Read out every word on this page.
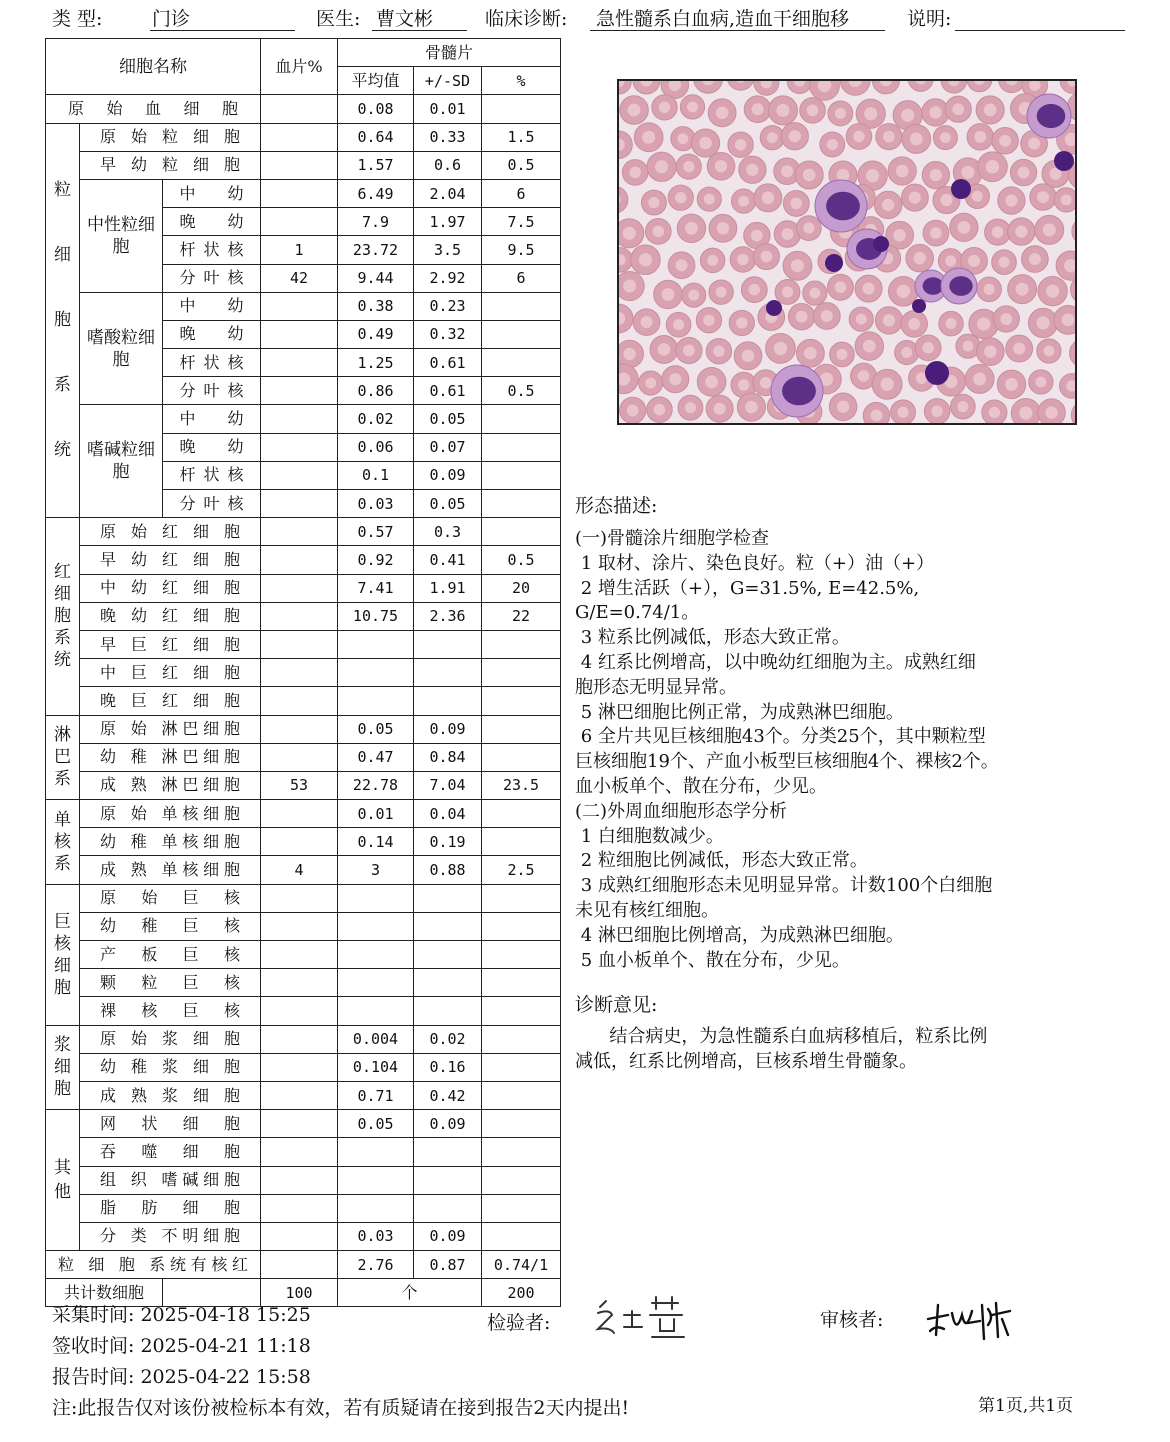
类 型:	门诊	医生: 曹文彬	临床诊断: 急性髓系白血病,造血干细胞移	说明:
细胞名称			血片%	骨髓片		
				平均值	+/-SD	%
原 始 血 细 胞				0.08	0.01	
粒细胞系统	原 始 粒 细 胞			0.64	0.33	1.5
	早 幼 粒 细 胞			1.57	0.6	0.5
	中性粒细胞	中 幼		6.49	2.04	6
		晚 幼		7.9	1.97	7.5
		杆状核	1	23.72	3.5	9.5
		分叶核	42	9.44	2.92	6
	嗜酸粒细胞	中 幼		0.38	0.23	
		晚 幼		0.49	0.32	
		杆状核		1.25	0.61	
		分叶核		0.86	0.61	0.5
	嗜碱粒细胞	中 幼		0.02	0.05	
		晚 幼		0.06	0.07	
		杆状核		0.1	0.09	
		分叶核		0.03	0.05	
红细胞系统	原 始 红 细 胞			0.57	0.3	
	早 幼 红 细 胞			0.92	0.41	0.5
	中 幼 红 细 胞			7.41	1.91	20
	晚 幼 红 细 胞			10.75	2.36	22
	早 巨 红 细 胞					
	中 巨 红 细 胞					
	晚 巨 红 细 胞					
淋巴系	原 始 淋巴细胞			0.05	0.09	
	幼 稚 淋巴细胞			0.47	0.84	
	成 熟 淋巴细胞		53	22.78	7.04	23.5
单核系	原 始 单核细胞			0.01	0.04	
	幼 稚 单核细胞			0.14	0.19	
	成 熟 单核细胞		4	3	0.88	2.5
巨核细胞	原 始 巨 核					
	幼 稚 巨 核					
	产 板 巨 核					
	颗 粒 巨 核					
	裸 核 巨 核					
浆细胞	原 始 浆 细 胞			0.004	0.02	
	幼 稚 浆 细 胞			0.104	0.16	
	成 熟 浆 细 胞			0.71	0.42	
其他	网 状 细 胞			0.05	0.09	
	吞 噬 细 胞					
	组 织 嗜碱细胞					
	脂 肪 细 胞					
	分 类 不明细胞			0.03	0.09	
粒 细 胞 系统有核红				2.76	0.87	0.74/1
共计数细胞			100	个		200
形态描述:
(一)骨髓涂片细胞学检查
1 取材、涂片、染色良好。粒（+）油（+）
2 增生活跃（+），G=31.5%, E=42.5%,
G/E=0.74/1。
3 粒系比例减低，形态大致正常。
4 红系比例增高，以中晚幼红细胞为主。成熟红细
胞形态无明显异常。
5 淋巴细胞比例正常，为成熟淋巴细胞。
6 全片共见巨核细胞43个。分类25个，其中颗粒型
巨核细胞19个、产血小板型巨核细胞4个、裸核2个。
血小板单个、散在分布，少见。
(二)外周血细胞形态学分析
1 白细胞数减少。
2 粒细胞比例减低，形态大致正常。
3 成熟红细胞形态未见明显异常。计数100个白细胞
未见有核红细胞。
4 淋巴细胞比例增高，为成熟淋巴细胞。
5 血小板单个、散在分布，少见。
诊断意见:
结合病史，为急性髓系白血病移植后，粒系比例
减低，红系比例增高，巨核系增生骨髓象。
采集时间: 2025-04-18 15:25
签收时间: 2025-04-21 11:18
报告时间: 2025-04-22 15:58
注:此报告仅对该份被检标本有效，若有质疑请在接到报告2天内提出!
检验者:	审核者:
第1页,共1页
